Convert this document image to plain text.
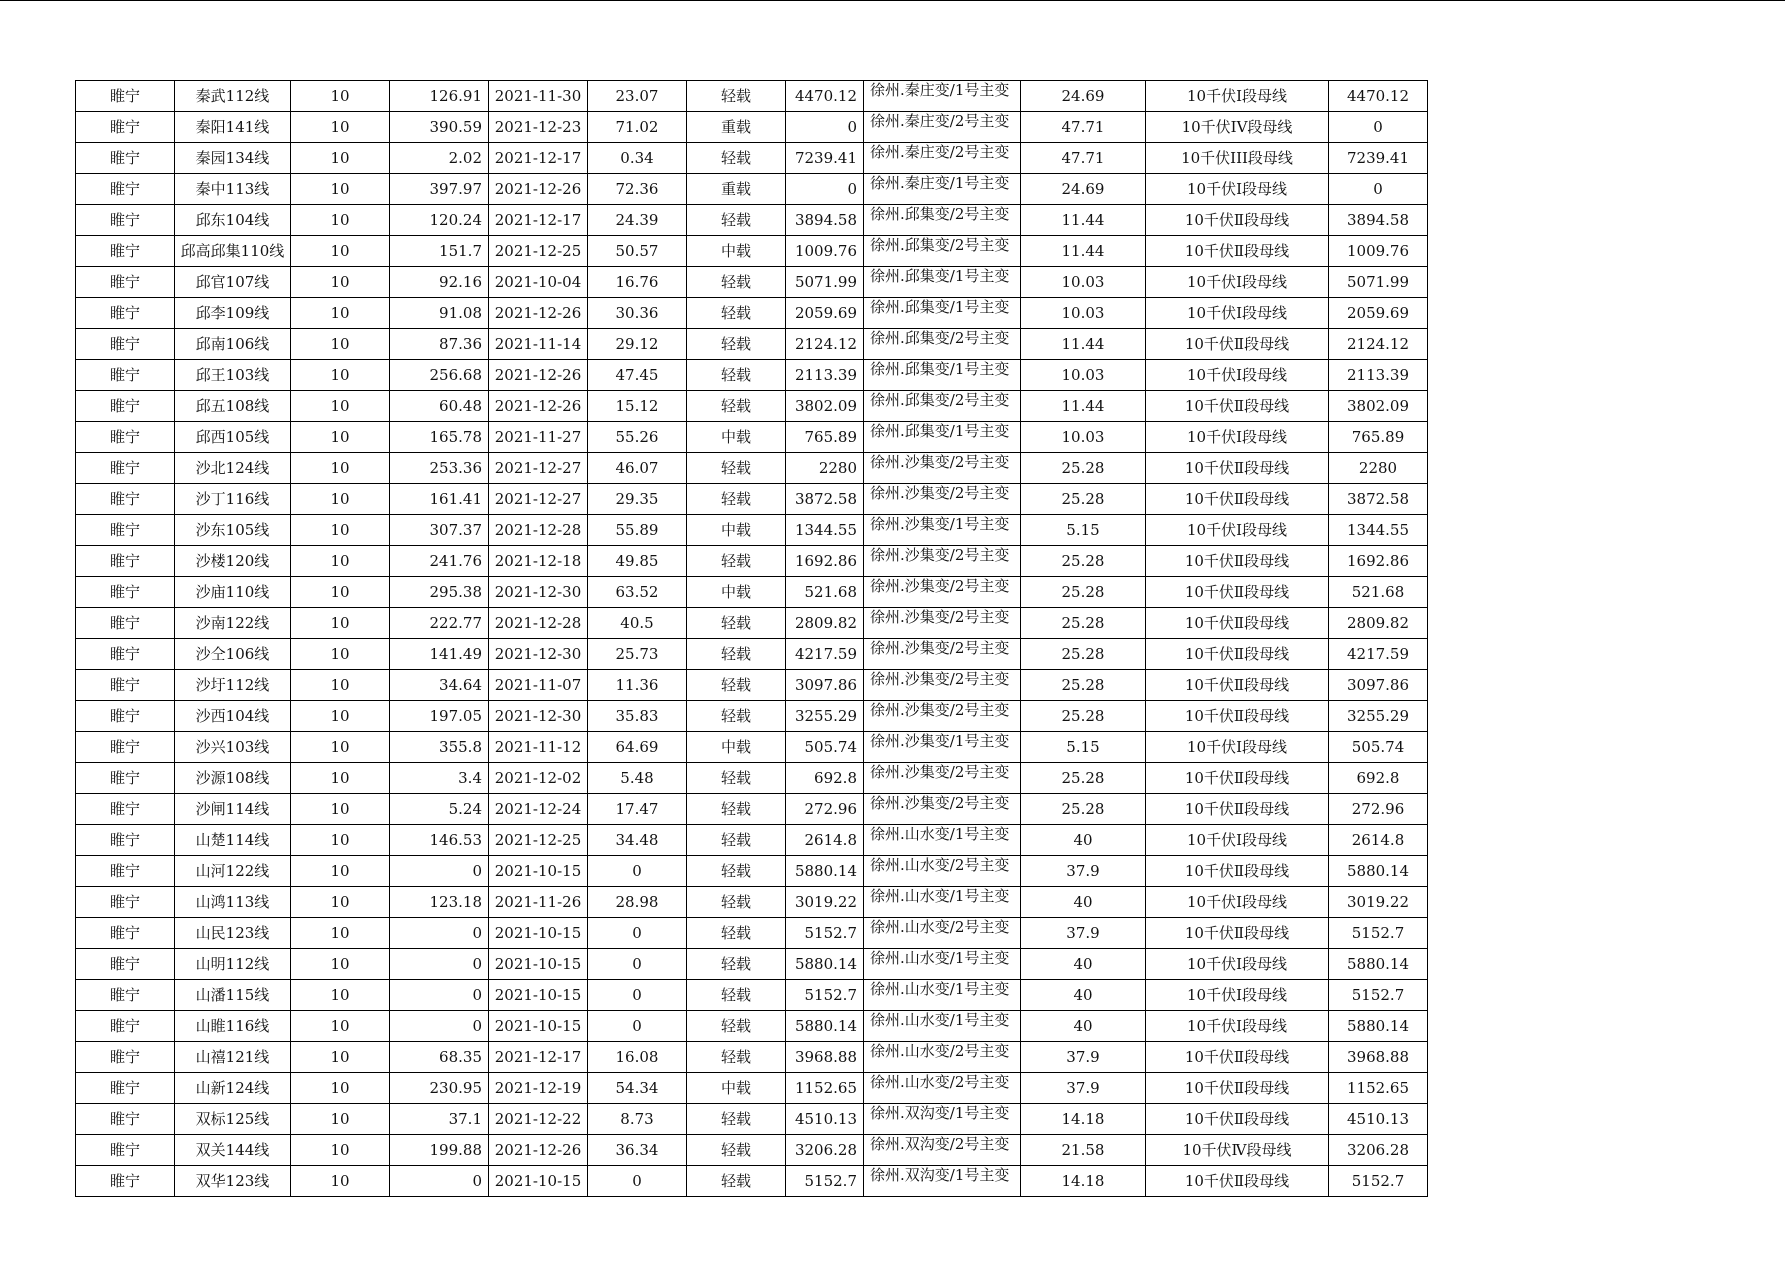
睢宁	秦武112线	10	126.91	2021-11-30	23.07	轻载	4470.12	徐州.秦庄变/1号主变	24.69	10千伏Ⅰ段母线	4470.12
睢宁	秦阳141线	10	390.59	2021-12-23	71.02	重载	0	徐州.秦庄变/2号主变	47.71	10千伏IV段母线	0
睢宁	秦园134线	10	2.02	2021-12-17	0.34	轻载	7239.41	徐州.秦庄变/2号主变	47.71	10千伏III段母线	7239.41
睢宁	秦中113线	10	397.97	2021-12-26	72.36	重载	0	徐州.秦庄变/1号主变	24.69	10千伏Ⅰ段母线	0
睢宁	邱东104线	10	120.24	2021-12-17	24.39	轻载	3894.58	徐州.邱集变/2号主变	11.44	10千伏Ⅱ段母线	3894.58
睢宁	邱高邱集110线	10	151.7	2021-12-25	50.57	中载	1009.76	徐州.邱集变/2号主变	11.44	10千伏Ⅱ段母线	1009.76
睢宁	邱官107线	10	92.16	2021-10-04	16.76	轻载	5071.99	徐州.邱集变/1号主变	10.03	10千伏Ⅰ段母线	5071.99
睢宁	邱李109线	10	91.08	2021-12-26	30.36	轻载	2059.69	徐州.邱集变/1号主变	10.03	10千伏Ⅰ段母线	2059.69
睢宁	邱南106线	10	87.36	2021-11-14	29.12	轻载	2124.12	徐州.邱集变/2号主变	11.44	10千伏Ⅱ段母线	2124.12
睢宁	邱王103线	10	256.68	2021-12-26	47.45	轻载	2113.39	徐州.邱集变/1号主变	10.03	10千伏Ⅰ段母线	2113.39
睢宁	邱五108线	10	60.48	2021-12-26	15.12	轻载	3802.09	徐州.邱集变/2号主变	11.44	10千伏Ⅱ段母线	3802.09
睢宁	邱西105线	10	165.78	2021-11-27	55.26	中载	765.89	徐州.邱集变/1号主变	10.03	10千伏Ⅰ段母线	765.89
睢宁	沙北124线	10	253.36	2021-12-27	46.07	轻载	2280	徐州.沙集变/2号主变	25.28	10千伏Ⅱ段母线	2280
睢宁	沙丁116线	10	161.41	2021-12-27	29.35	轻载	3872.58	徐州.沙集变/2号主变	25.28	10千伏Ⅱ段母线	3872.58
睢宁	沙东105线	10	307.37	2021-12-28	55.89	中载	1344.55	徐州.沙集变/1号主变	5.15	10千伏Ⅰ段母线	1344.55
睢宁	沙楼120线	10	241.76	2021-12-18	49.85	轻载	1692.86	徐州.沙集变/2号主变	25.28	10千伏Ⅱ段母线	1692.86
睢宁	沙庙110线	10	295.38	2021-12-30	63.52	中载	521.68	徐州.沙集变/2号主变	25.28	10千伏Ⅱ段母线	521.68
睢宁	沙南122线	10	222.77	2021-12-28	40.5	轻载	2809.82	徐州.沙集变/2号主变	25.28	10千伏Ⅱ段母线	2809.82
睢宁	沙仝106线	10	141.49	2021-12-30	25.73	轻载	4217.59	徐州.沙集变/2号主变	25.28	10千伏Ⅱ段母线	4217.59
睢宁	沙圩112线	10	34.64	2021-11-07	11.36	轻载	3097.86	徐州.沙集变/2号主变	25.28	10千伏Ⅱ段母线	3097.86
睢宁	沙西104线	10	197.05	2021-12-30	35.83	轻载	3255.29	徐州.沙集变/2号主变	25.28	10千伏Ⅱ段母线	3255.29
睢宁	沙兴103线	10	355.8	2021-11-12	64.69	中载	505.74	徐州.沙集变/1号主变	5.15	10千伏Ⅰ段母线	505.74
睢宁	沙源108线	10	3.4	2021-12-02	5.48	轻载	692.8	徐州.沙集变/2号主变	25.28	10千伏Ⅱ段母线	692.8
睢宁	沙闸114线	10	5.24	2021-12-24	17.47	轻载	272.96	徐州.沙集变/2号主变	25.28	10千伏Ⅱ段母线	272.96
睢宁	山楚114线	10	146.53	2021-12-25	34.48	轻载	2614.8	徐州.山水变/1号主变	40	10千伏Ⅰ段母线	2614.8
睢宁	山河122线	10	0	2021-10-15	0	轻载	5880.14	徐州.山水变/2号主变	37.9	10千伏Ⅱ段母线	5880.14
睢宁	山鸿113线	10	123.18	2021-11-26	28.98	轻载	3019.22	徐州.山水变/1号主变	40	10千伏Ⅰ段母线	3019.22
睢宁	山民123线	10	0	2021-10-15	0	轻载	5152.7	徐州.山水变/2号主变	37.9	10千伏Ⅱ段母线	5152.7
睢宁	山明112线	10	0	2021-10-15	0	轻载	5880.14	徐州.山水变/1号主变	40	10千伏Ⅰ段母线	5880.14
睢宁	山潘115线	10	0	2021-10-15	0	轻载	5152.7	徐州.山水变/1号主变	40	10千伏Ⅰ段母线	5152.7
睢宁	山睢116线	10	0	2021-10-15	0	轻载	5880.14	徐州.山水变/1号主变	40	10千伏Ⅰ段母线	5880.14
睢宁	山禧121线	10	68.35	2021-12-17	16.08	轻载	3968.88	徐州.山水变/2号主变	37.9	10千伏Ⅱ段母线	3968.88
睢宁	山新124线	10	230.95	2021-12-19	54.34	中载	1152.65	徐州.山水变/2号主变	37.9	10千伏Ⅱ段母线	1152.65
睢宁	双标125线	10	37.1	2021-12-22	8.73	轻载	4510.13	徐州.双沟变/1号主变	14.18	10千伏Ⅱ段母线	4510.13
睢宁	双关144线	10	199.88	2021-12-26	36.34	轻载	3206.28	徐州.双沟变/2号主变	21.58	10千伏Ⅳ段母线	3206.28
睢宁	双华123线	10	0	2021-10-15	0	轻载	5152.7	徐州.双沟变/1号主变	14.18	10千伏Ⅱ段母线	5152.7
